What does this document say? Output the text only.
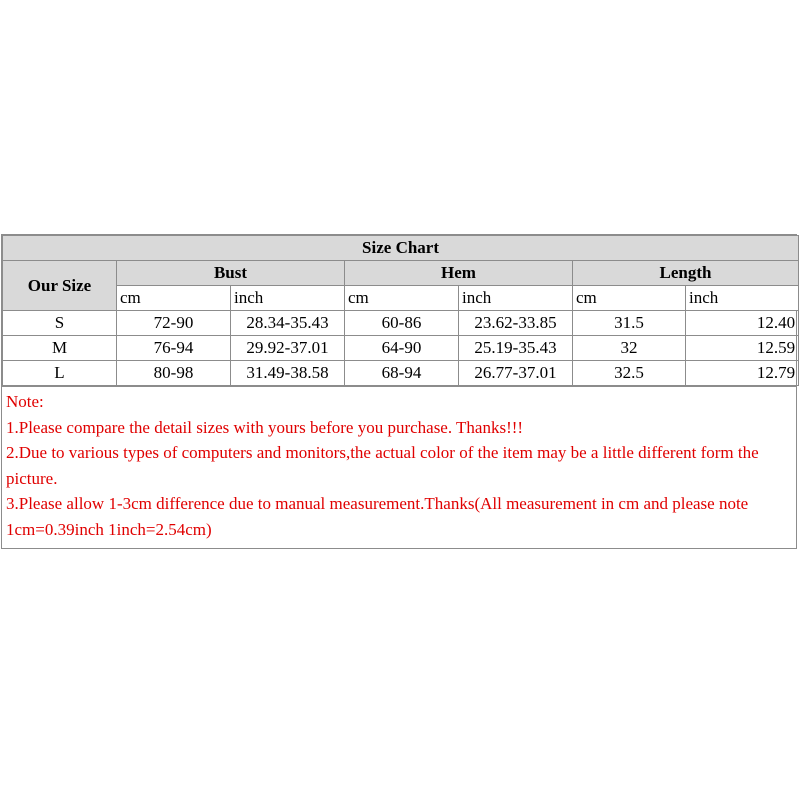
Size Chart						
Our Size	Bust		Hem		Length	
	cm	inch	cm	inch	cm	inch
S	72-90	28.34-35.43	60-86	23.62-33.85	31.5	12.40
M	76-94	29.92-37.01	64-90	25.19-35.43	32	12.59
L	80-98	31.49-38.58	68-94	26.77-37.01	32.5	12.79

Note:

1.Please compare the detail sizes with yours before you purchase. Thanks!!!

2.Due to various types of computers and monitors,the actual color of the item may be a little different form the picture.

3.Please allow 1-3cm difference due to manual measurement.Thanks(All measurement in cm and please note 1cm=0.39inch 1inch=2.54cm)
